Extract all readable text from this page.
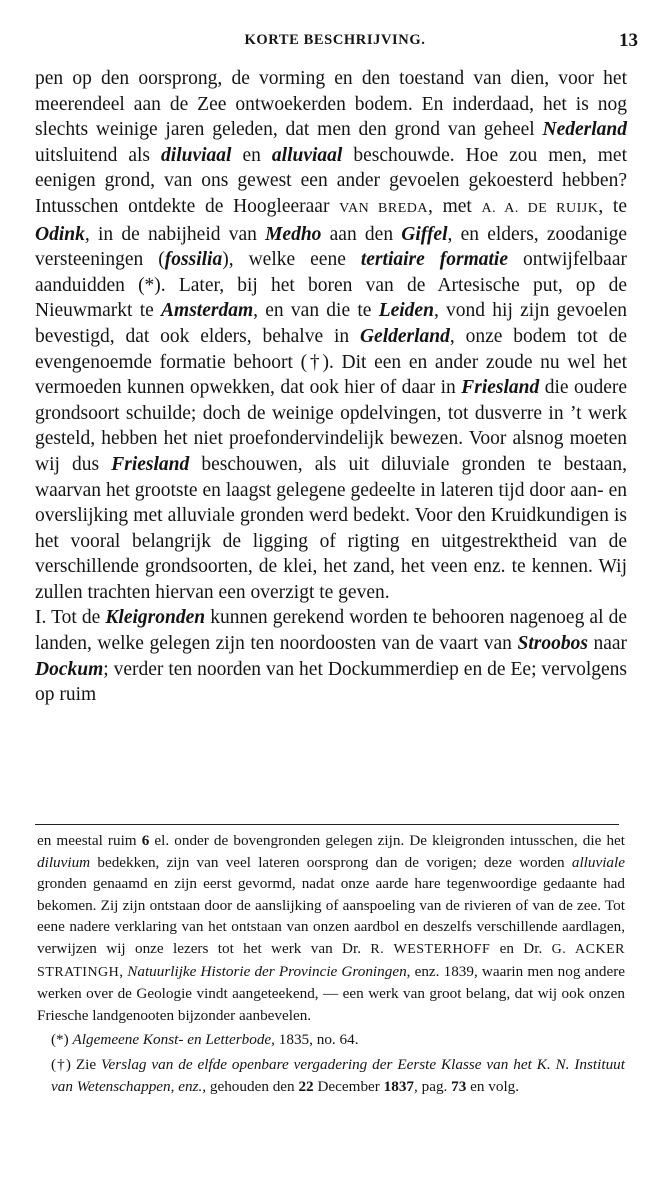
KORTE BESCHRIJVING.	13

pen op den oorsprong, de vorming en den toestand van dien, voor het meerendeel aan de Zee ontwoekerden bodem. En inderdaad, het is nog slechts weinige jaren geleden, dat men den grond van geheel Nederland uitsluitend als diluviaal en alluviaal beschouwde. Hoe zou men, met eenigen grond, van ons gewest een ander gevoelen gekoesterd hebben? Intusschen ontdekte de Hoogleeraar VAN BREDA, met A. A. DE RUIJK, te Odink, in de nabijheid van Medho aan den Giffel, en elders, zoodanige versteeningen (fossilia), welke eene tertiaire formatie ontwijfelbaar aanduidden (*). Later, bij het boren van de Artesische put, op de Nieuwmarkt te Amsterdam, en van die te Leiden, vond hij zijn gevoelen bevestigd, dat ook elders, behalve in Gelderland, onze bodem tot de evengenoemde formatie behoort (†). Dit een en ander zoude nu wel het vermoeden kunnen opwekken, dat ook hier of daar in Friesland die oudere grondsoort schuilde; doch de weinige opdelvingen, tot dusverre in ’t werk gesteld, hebben het niet proefondervindelijk bewezen. Voor alsnog moeten wij dus Friesland beschouwen, als uit diluviale gronden te bestaan, waarvan het grootste en laagst gelegene gedeelte in lateren tijd door aan- en overslijking met alluviale gronden werd bedekt. Voor den Kruidkundigen is het vooral belangrijk de ligging of rigting en uitgestrektheid van de verschillende grondsoorten, de klei, het zand, het veen enz. te kennen. Wij zullen trachten hiervan een overzigt te geven.

I. Tot de Kleigronden kunnen gerekend worden te behooren nagenoeg al de landen, welke gelegen zijn ten noordoosten van de vaart van Stroobos naar Dockum; verder ten noorden van het Dockummerdiep en de Ee; vervolgens op ruim

en meestal ruim 6 el. onder de bovengronden gelegen zijn. De kleigronden intusschen, die het diluvium bedekken, zijn van veel lateren oorsprong dan de vorigen; deze worden alluviale gronden genaamd en zijn eerst gevormd, nadat onze aarde hare tegenwoordige gedaante had bekomen. Zij zijn ontstaan door de aanslijking of aanspoeling van de rivieren of van de zee. Tot eene nadere verklaring van het ontstaan van onzen aardbol en deszelfs verschillende aardlagen, verwijzen wij onze lezers tot het werk van Dr. R. WESTERHOFF en Dr. G. ACKER STRATINGH, Natuurlijke Historie der Provincie Groningen, enz. 1839, waarin men nog andere werken over de Geologie vindt aangeteekend, — een werk van groot belang, dat wij ook onzen Friesche landgenooten bijzonder aanbevelen.

(*) Algemeene Konst- en Letterbode, 1835, no. 64.

(†) Zie Verslag van de elfde openbare vergadering der Eerste Klasse van het K. N. Instituut van Wetenschappen, enz., gehouden den 22 December 1837, pag. 73 en volg.
